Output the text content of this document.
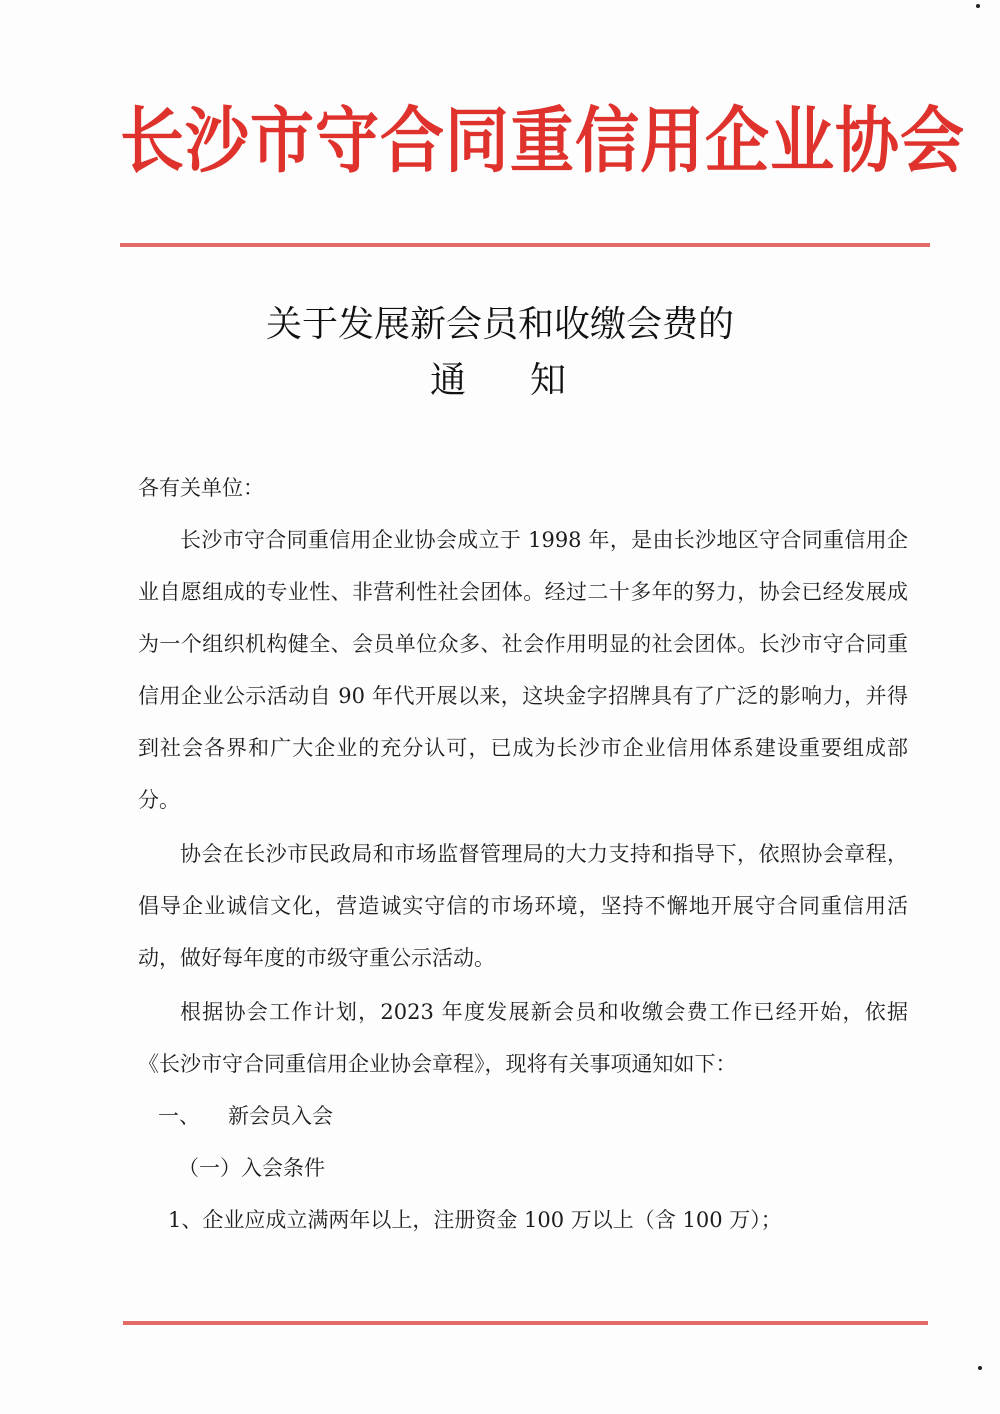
长沙市守合同重信用企业协会
关于发展新会员和收缴会费的
通 知

各有关单位：

长沙市守合同重信用企业协会成立于 1998 年，是由长沙地区守合同重信用企业自愿组成的专业性、非营利性社会团体。经过二十多年的努力，协会已经发展成为一个组织机构健全、会员单位众多、社会作用明显的社会团体。长沙市守合同重信用企业公示活动自 90 年代开展以来，这块金字招牌具有了广泛的影响力，并得到社会各界和广大企业的充分认可，已成为长沙市企业信用体系建设重要组成部分。

协会在长沙市民政局和市场监督管理局的大力支持和指导下，依照协会章程，倡导企业诚信文化，营造诚实守信的市场环境，坚持不懈地开展守合同重信用活动，做好每年度的市级守重公示活动。

根据协会工作计划，2023 年度发展新会员和收缴会费工作已经开始，依据《长沙市守合同重信用企业协会章程》，现将有关事项通知如下：

一、 新会员入会

（一）入会条件

1、企业应成立满两年以上，注册资金 100 万以上（含 100 万）；
